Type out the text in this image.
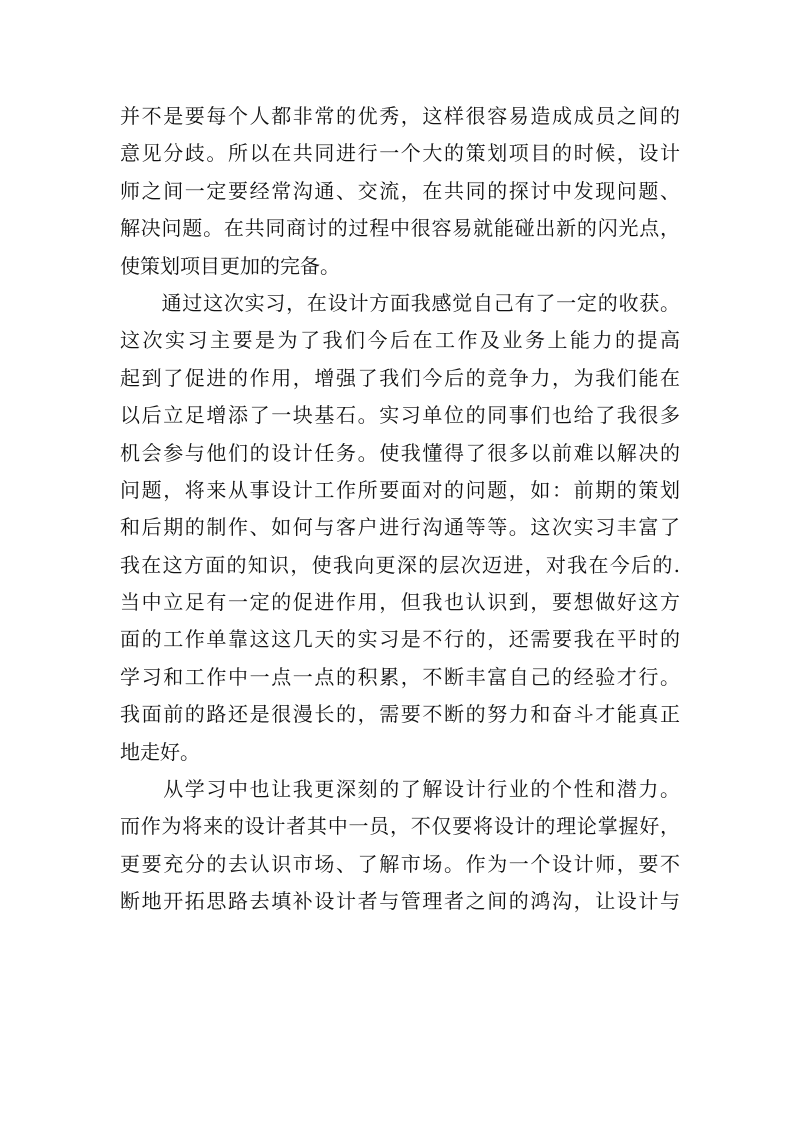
并不是要每个人都非常的优秀，这样很容易造成成员之间的
意见分歧。所以在共同进行一个大的策划项目的时候，设计
师之间一定要经常沟通、交流，在共同的探讨中发现问题、
解决问题。在共同商讨的过程中很容易就能碰出新的闪光点，
使策划项目更加的完备。
　　通过这次实习，在设计方面我感觉自己有了一定的收获。
这次实习主要是为了我们今后在工作及业务上能力的提高
起到了促进的作用，增强了我们今后的竞争力，为我们能在
以后立足增添了一块基石。实习单位的同事们也给了我很多
机会参与他们的设计任务。使我懂得了很多以前难以解决的
问题，将来从事设计工作所要面对的问题，如：前期的策划
和后期的制作、如何与客户进行沟通等等。这次实习丰富了
我在这方面的知识，使我向更深的层次迈进，对我在今后的.
当中立足有一定的促进作用，但我也认识到，要想做好这方
面的工作单靠这这几天的实习是不行的，还需要我在平时的
学习和工作中一点一点的积累，不断丰富自己的经验才行。
我面前的路还是很漫长的，需要不断的努力和奋斗才能真正
地走好。
　　从学习中也让我更深刻的了解设计行业的个性和潜力。
而作为将来的设计者其中一员，不仅要将设计的理论掌握好，
更要充分的去认识市场、了解市场。作为一个设计师，要不
断地开拓思路去填补设计者与管理者之间的鸿沟，让设计与
